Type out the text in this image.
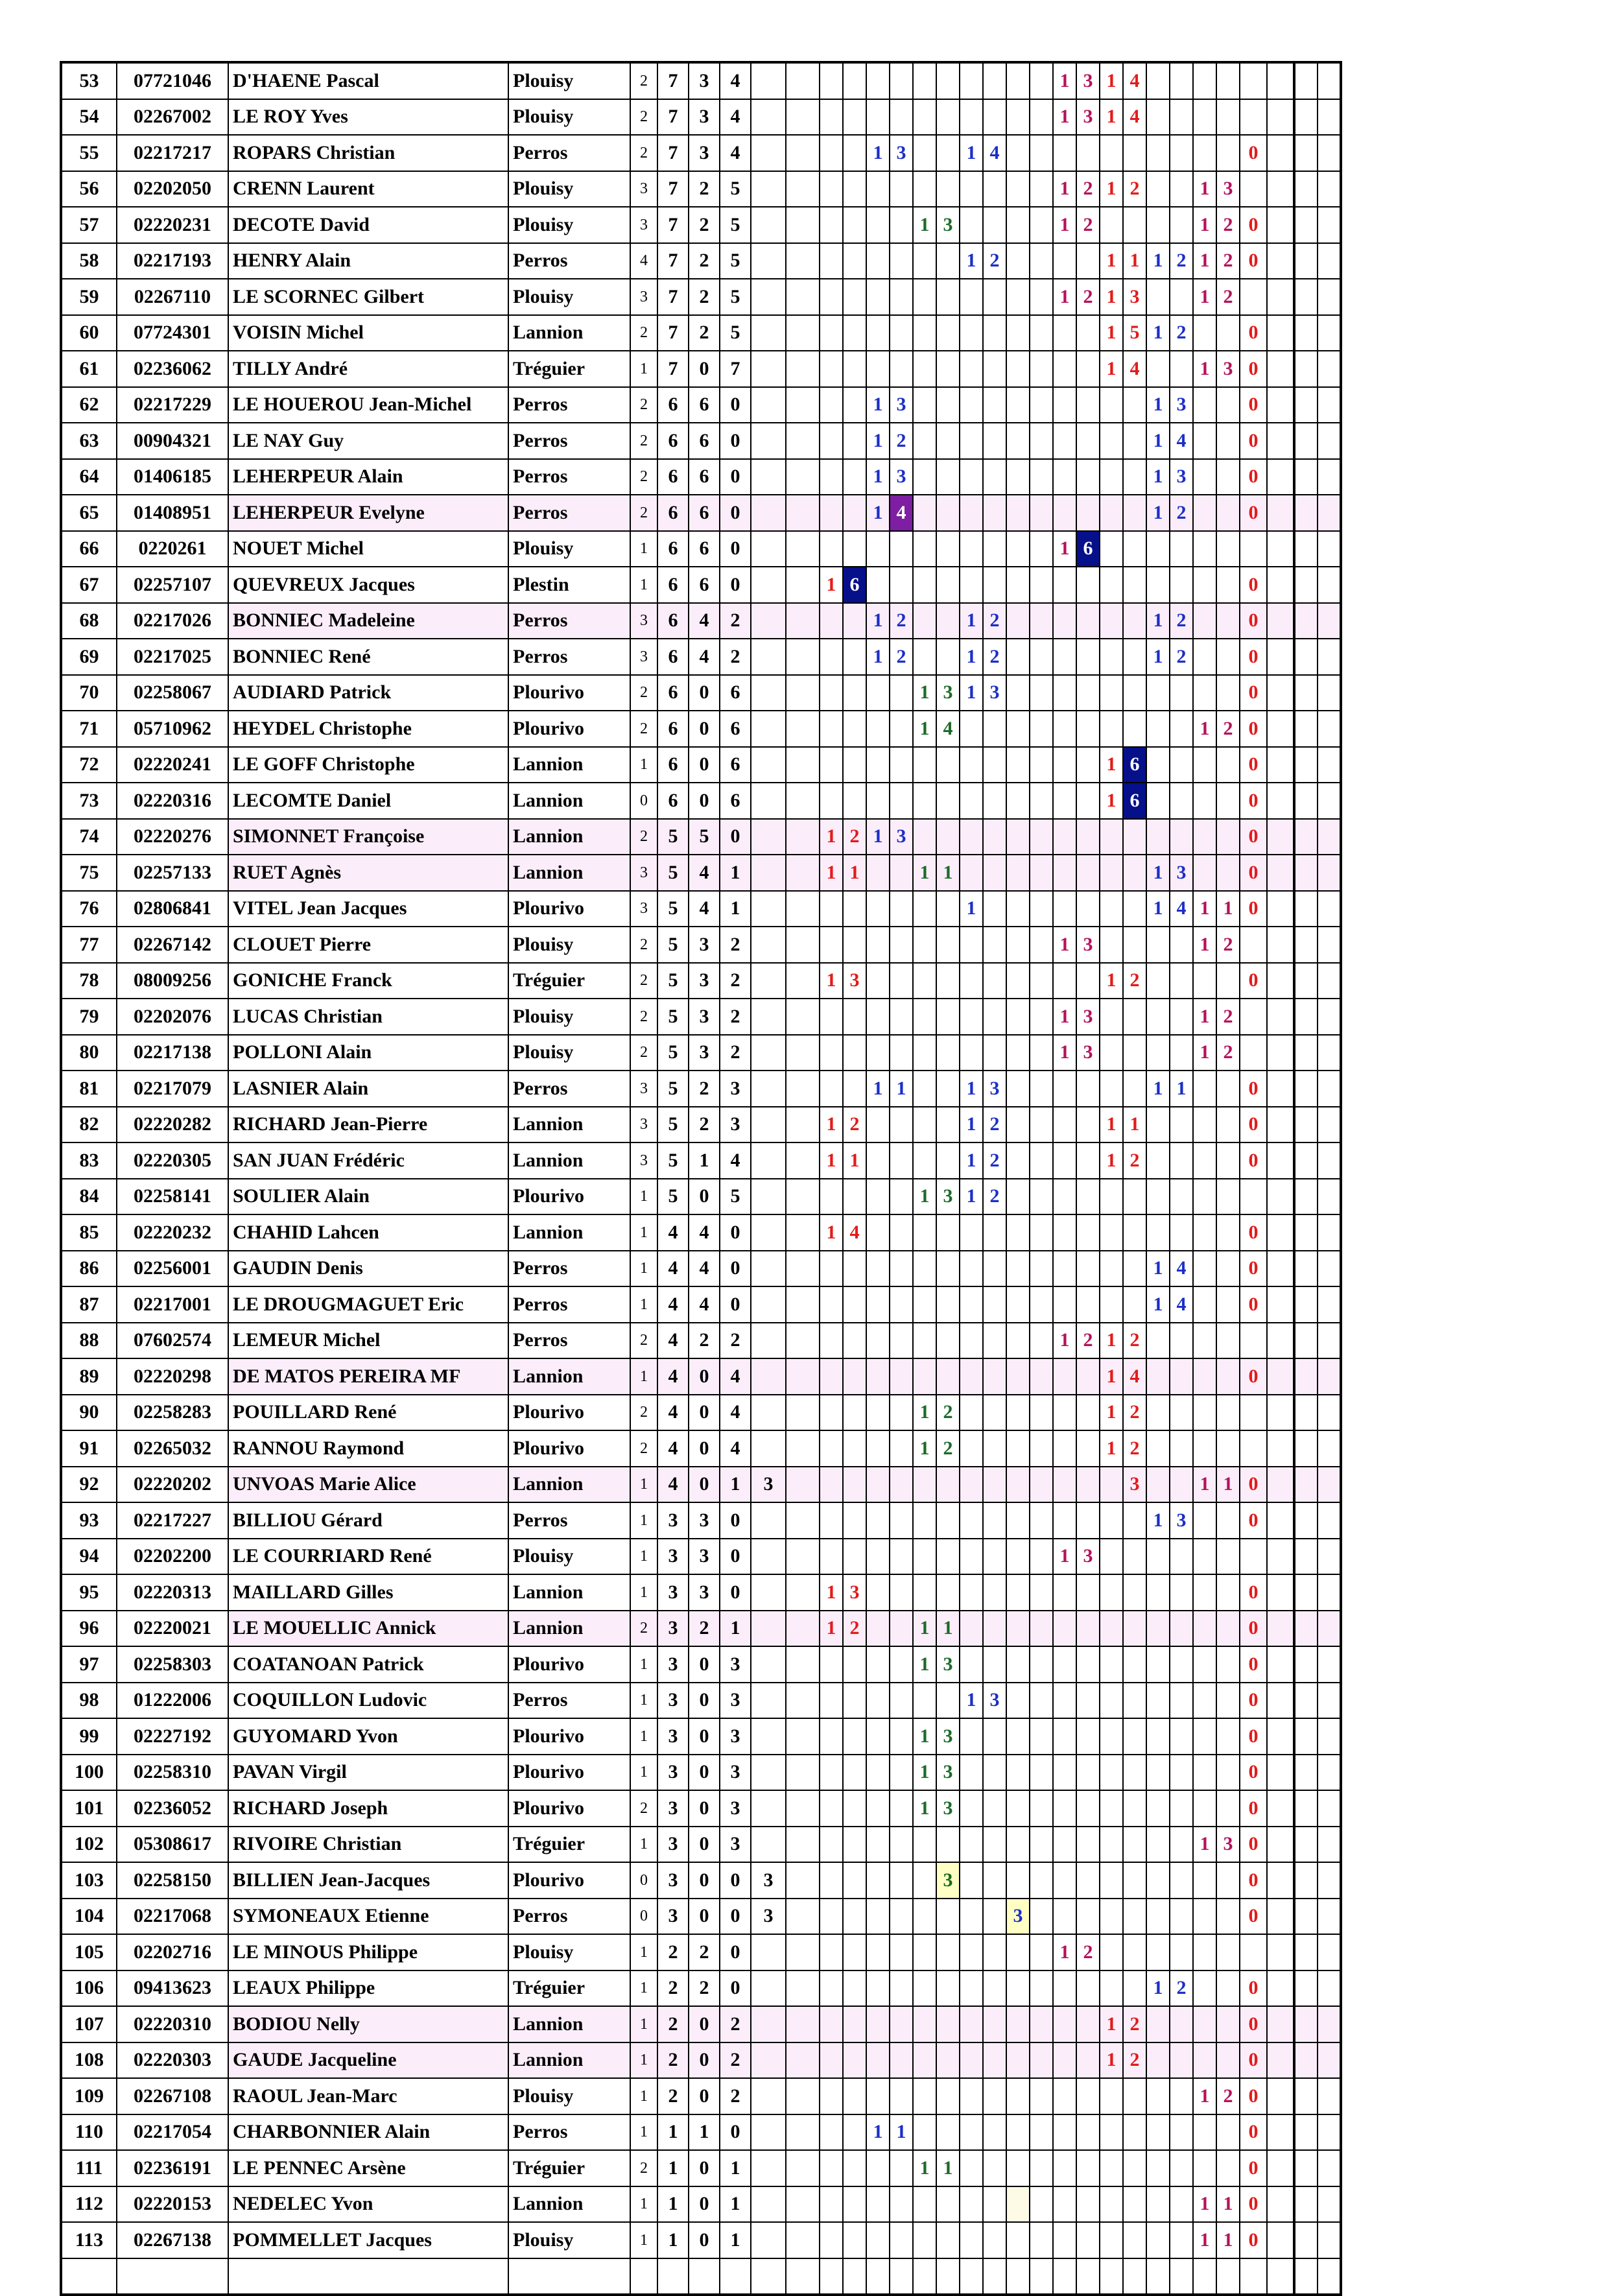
53	07721046	D'HAENE Pascal	Plouisy	2	7	3	4													1	3	1	4								
54	02267002	LE ROY Yves	Plouisy	2	7	3	4													1	3	1	4								
55	02217217	ROPARS Christian	Perros	2	7	3	4					1	3			1	4											0			
56	02202050	CRENN Laurent	Plouisy	3	7	2	5													1	2	1	2			1	3				
57	02220231	DECOTE David	Plouisy	3	7	2	5							1	3					1	2					1	2	0			
58	02217193	HENRY Alain	Perros	4	7	2	5									1	2					1	1	1	2	1	2	0			
59	02267110	LE SCORNEC Gilbert	Plouisy	3	7	2	5													1	2	1	3			1	2				
60	07724301	VOISIN Michel	Lannion	2	7	2	5															1	5	1	2			0			
61	02236062	TILLY André	Tréguier	1	7	0	7															1	4			1	3	0			
62	02217229	LE HOUEROU Jean-Michel	Perros	2	6	6	0					1	3											1	3			0			
63	00904321	LE NAY Guy	Perros	2	6	6	0					1	2											1	4			0			
64	01406185	LEHERPEUR Alain	Perros	2	6	6	0					1	3											1	3			0			
65	01408951	LEHERPEUR Evelyne	Perros	2	6	6	0					1	4											1	2			0			
66	0220261	NOUET Michel	Plouisy	1	6	6	0													1	6										
67	02257107	QUEVREUX Jacques	Plestin	1	6	6	0			1	6																	0			
68	02217026	BONNIEC Madeleine	Perros	3	6	4	2					1	2			1	2							1	2			0			
69	02217025	BONNIEC René	Perros	3	6	4	2					1	2			1	2							1	2			0			
70	02258067	AUDIARD Patrick	Plourivo	2	6	0	6							1	3	1	3											0			
71	05710962	HEYDEL Christophe	Plourivo	2	6	0	6							1	4											1	2	0			
72	02220241	LE GOFF Christophe	Lannion	1	6	0	6															1	6					0			
73	02220316	LECOMTE Daniel	Lannion	0	6	0	6															1	6					0			
74	02220276	SIMONNET Françoise	Lannion	2	5	5	0			1	2	1	3															0			
75	02257133	RUET Agnès	Lannion	3	5	4	1			1	1			1	1									1	3			0			
76	02806841	VITEL Jean Jacques	Plourivo	3	5	4	1									1								1	4	1	1	0			
77	02267142	CLOUET Pierre	Plouisy	2	5	3	2													1	3					1	2				
78	08009256	GONICHE Franck	Tréguier	2	5	3	2			1	3											1	2					0			
79	02202076	LUCAS Christian	Plouisy	2	5	3	2													1	3					1	2				
80	02217138	POLLONI Alain	Plouisy	2	5	3	2													1	3					1	2				
81	02217079	LASNIER Alain	Perros	3	5	2	3					1	1			1	3							1	1			0			
82	02220282	RICHARD Jean-Pierre	Lannion	3	5	2	3			1	2					1	2					1	1					0			
83	02220305	SAN JUAN Frédéric	Lannion	3	5	1	4			1	1					1	2					1	2					0			
84	02258141	SOULIER Alain	Plourivo	1	5	0	5							1	3	1	2														
85	02220232	CHAHID Lahcen	Lannion	1	4	4	0			1	4																	0			
86	02256001	GAUDIN Denis	Perros	1	4	4	0																	1	4			0			
87	02217001	LE DROUGMAGUET Eric	Perros	1	4	4	0																	1	4			0			
88	07602574	LEMEUR Michel	Perros	2	4	2	2													1	2	1	2								
89	02220298	DE MATOS PEREIRA MF	Lannion	1	4	0	4															1	4					0			
90	02258283	POUILLARD René	Plourivo	2	4	0	4							1	2							1	2								
91	02265032	RANNOU Raymond	Plourivo	2	4	0	4							1	2							1	2								
92	02220202	UNVOAS Marie Alice	Lannion	1	4	0	1	3															3			1	1	0			
93	02217227	BILLIOU Gérard	Perros	1	3	3	0																	1	3			0			
94	02202200	LE COURRIARD René	Plouisy	1	3	3	0													1	3										
95	02220313	MAILLARD Gilles	Lannion	1	3	3	0			1	3																	0			
96	02220021	LE MOUELLIC Annick	Lannion	2	3	2	1			1	2			1	1													0			
97	02258303	COATANOAN Patrick	Plourivo	1	3	0	3							1	3													0			
98	01222006	COQUILLON Ludovic	Perros	1	3	0	3									1	3											0			
99	02227192	GUYOMARD Yvon	Plourivo	1	3	0	3							1	3													0			
100	02258310	PAVAN Virgil	Plourivo	1	3	0	3							1	3													0			
101	02236052	RICHARD Joseph	Plourivo	2	3	0	3							1	3													0			
102	05308617	RIVOIRE Christian	Tréguier	1	3	0	3																			1	3	0			
103	02258150	BILLIEN Jean-Jacques	Plourivo	0	3	0	0	3							3													0			
104	02217068	SYMONEAUX Etienne	Perros	0	3	0	0	3										3										0			
105	02202716	LE MINOUS Philippe	Plouisy	1	2	2	0													1	2										
106	09413623	LEAUX Philippe	Tréguier	1	2	2	0																	1	2			0			
107	02220310	BODIOU Nelly	Lannion	1	2	0	2															1	2					0			
108	02220303	GAUDE Jacqueline	Lannion	1	2	0	2															1	2					0			
109	02267108	RAOUL Jean-Marc	Plouisy	1	2	0	2																			1	2	0			
110	02217054	CHARBONNIER Alain	Perros	1	1	1	0					1	1															0			
111	02236191	LE PENNEC Arsène	Tréguier	2	1	0	1							1	1													0			
112	02220153	NEDELEC Yvon	Lannion	1	1	0	1																			1	1	0			
113	02267138	POMMELLET Jacques	Plouisy	1	1	0	1																			1	1	0			
